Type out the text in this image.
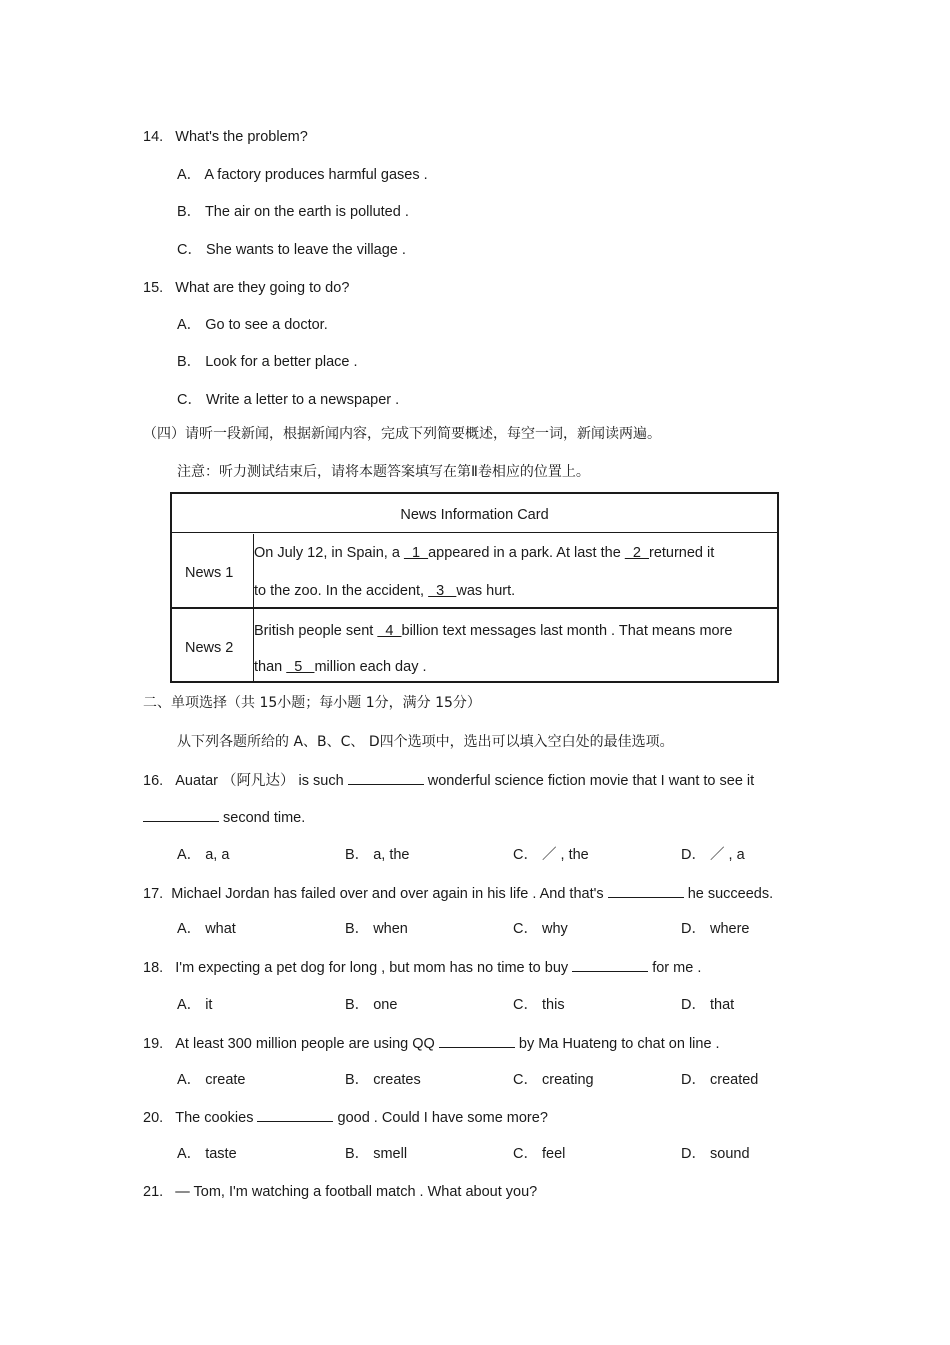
14. What's the problem?
A． A factory produces harmful gases .
B． The air on the earth is polluted .
C． She wants to leave the village .
15. What are they going to do?
A． Go to see a doctor.
B． Look for a better place .
C． Write a letter to a newspaper .
（四）请听一段新闻，根据新闻内容，完成下列简要概述，每空一词，新闻读两遍。
注意：听力测试结束后，请将本题答案填写在第Ⅱ卷相应的位置上。
News Information Card
News 1
On July 12, in Spain, a   1  appeared in a park. At last the   2  returned it
to the zoo. In the accident,   3   was hurt.
News 2
British people sent   4  billion text messages last month . That means more
than   5   million each day .
二、单项选择（共 15小题；每小题 1分，满分 15分）
从下列各题所给的 A、B、C、 D四个选项中，选出可以填入空白处的最佳选项。
16. Auatar （阿凡达） is such	wonderful science fiction movie that I want to see it
second time.
A． a, a	B． a, the	C． ／ , the	D． ／ , a
17. Michael Jordan has failed over and over again in his life . And that's	he succeeds.
A． what	B． when	C． why	D． where
18. I'm expecting a pet dog for long , but mom has no time to buy	for me .
A． it	B． one	C． this	D． that
19. At least 300 million people are using QQ	by Ma Huateng to chat on line .
A． create	B． creates	C． creating	D． created
20. The cookies	good . Could I have some more?
A． taste	B． smell	C． feel	D． sound
21. — Tom, I'm watching a football match . What about you?
